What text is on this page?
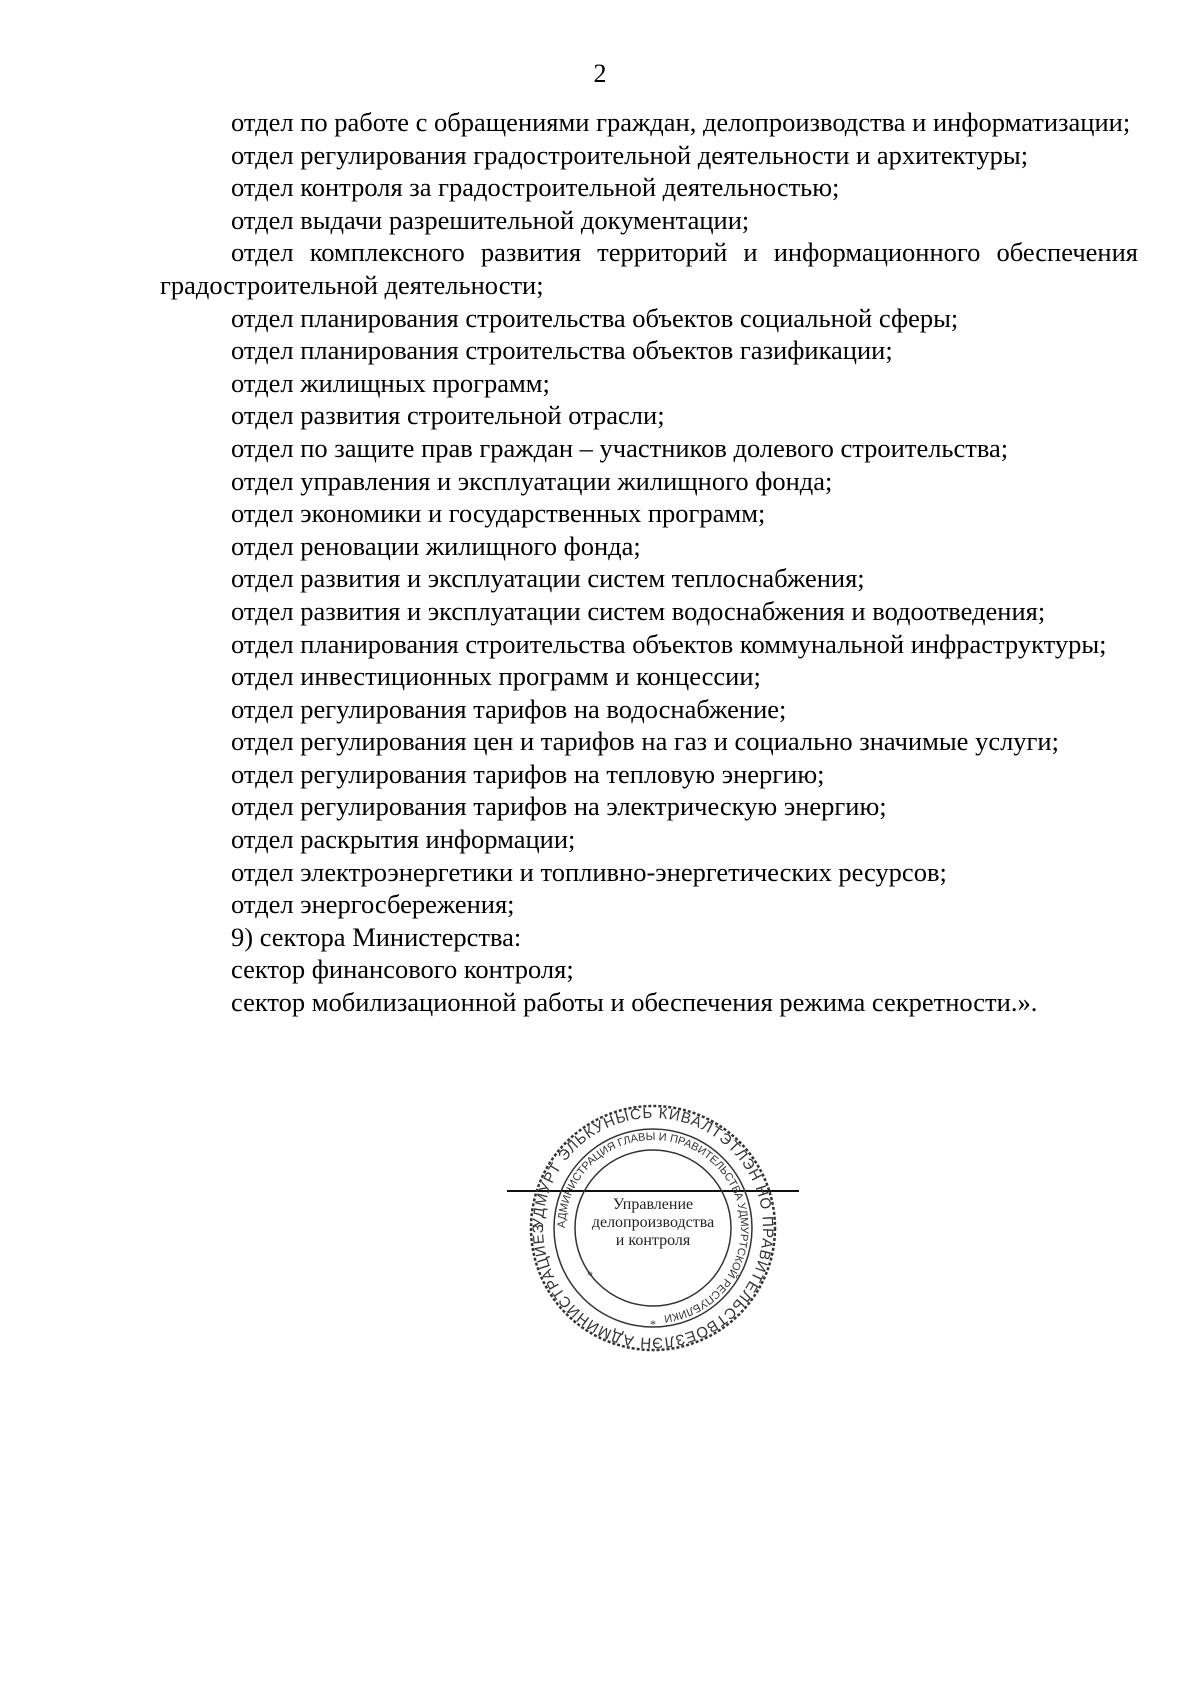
2

отдел по работе с обращениями граждан, делопроизводства и информатизации;

отдел регулирования градостроительной деятельности и архитектуры;

отдел контроля за градостроительной деятельностью;

отдел выдачи разрешительной документации;

отдел комплексного развития территорий и информационного обеспечения градостроительной деятельности;

отдел планирования строительства объектов социальной сферы;

отдел планирования строительства объектов газификации;

отдел жилищных программ;

отдел развития строительной отрасли;

отдел по защите прав граждан – участников долевого строительства;

отдел управления и эксплуатации жилищного фонда;

отдел экономики и государственных программ;

отдел реновации жилищного фонда;

отдел развития и эксплуатации систем теплоснабжения;

отдел развития и эксплуатации систем водоснабжения и водоотведения;

отдел планирования строительства объектов коммунальной инфраструктуры;

отдел инвестиционных программ и концессии;

отдел регулирования тарифов на водоснабжение;

отдел регулирования цен и тарифов на газ и социально значимые услуги;

отдел регулирования тарифов на тепловую энергию;

отдел регулирования тарифов на электрическую энергию;

отдел раскрытия информации;

отдел электроэнергетики и топливно-энергетических ресурсов;

отдел энергосбережения;

9) сектора Министерства:

сектор финансового контроля;

сектор мобилизационной работы и обеспечения режима секретности.».

УДМУРТ ЭЛЬКУНЫСЬ КИВАЛТЭТЛЭН НО ПРАВИТЕЛЬСТВОЕЗЛЭН АДМИНИСТРАЦИЕЗ АДМИНИСТРАЦИЯ ГЛАВЫ И ПРАВИТЕЛЬСТВА УДМУРТСКОЙ РЕСПУБЛИКИ
*
*
Управление
делопроизводства
и контроля
